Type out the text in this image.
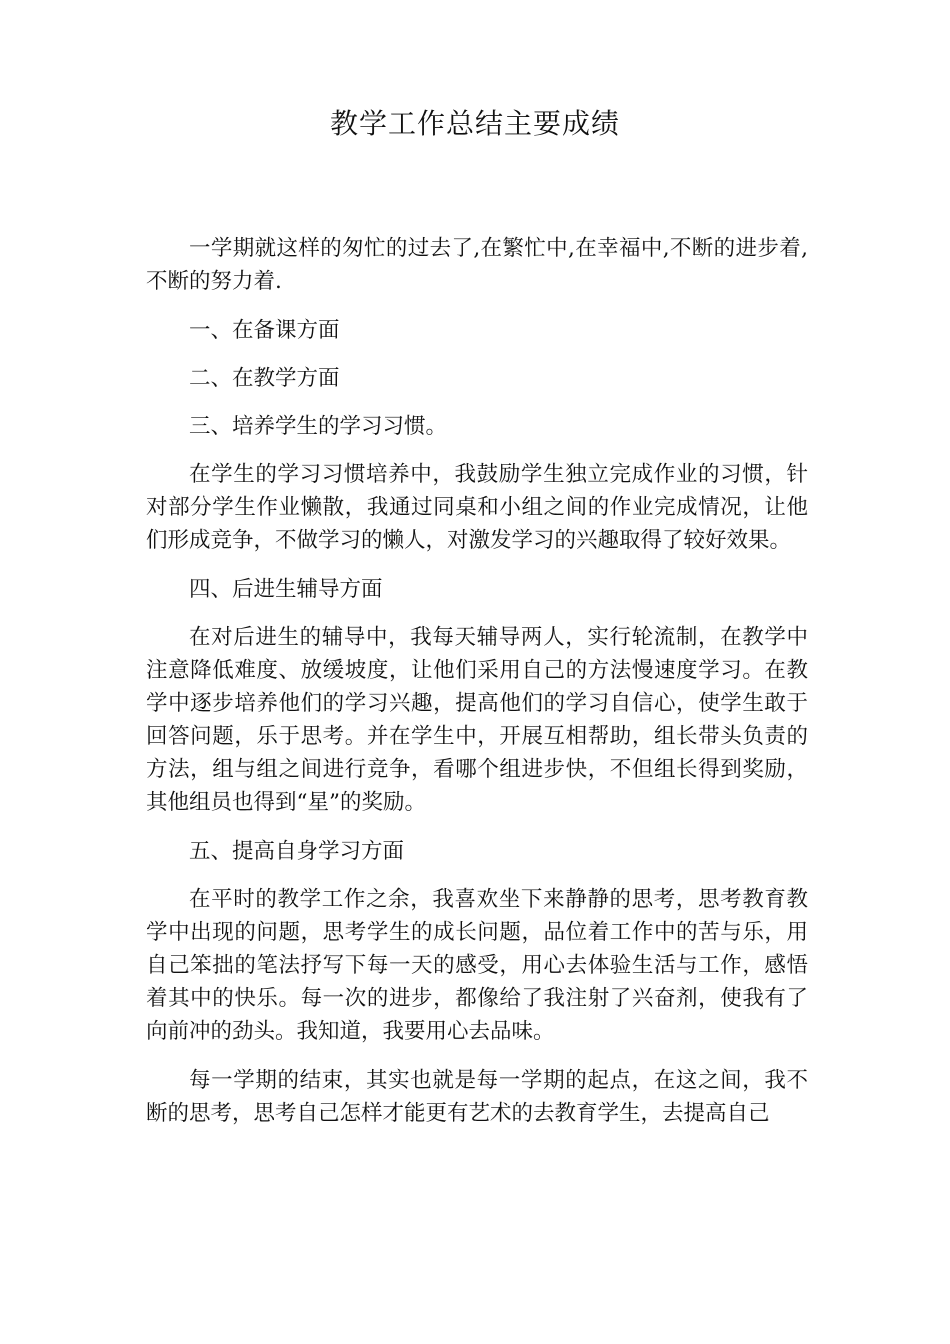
教学工作总结主要成绩

一学期就这样的匆忙的过去了,在繁忙中,在幸福中,不断的进步着,不断的努力着.

一、在备课方面

二、在教学方面

三、培养学生的学习习惯。

在学生的学习习惯培养中，我鼓励学生独立完成作业的习惯，针对部分学生作业懒散，我通过同桌和小组之间的作业完成情况，让他们形成竞争，不做学习的懒人，对激发学习的兴趣取得了较好效果。

四、后进生辅导方面

在对后进生的辅导中，我每天辅导两人，实行轮流制，在教学中注意降低难度、放缓坡度，让他们采用自己的方法慢速度学习。在教学中逐步培养他们的学习兴趣，提高他们的学习自信心，使学生敢于回答问题，乐于思考。并在学生中，开展互相帮助，组长带头负责的方法，组与组之间进行竞争，看哪个组进步快，不但组长得到奖励，其他组员也得到“星”的奖励。

五、提高自身学习方面

在平时的教学工作之余，我喜欢坐下来静静的思考，思考教育教学中出现的问题，思考学生的成长问题，品位着工作中的苦与乐，用自己笨拙的笔法抒写下每一天的感受，用心去体验生活与工作，感悟着其中的快乐。每一次的进步，都像给了我注射了兴奋剂，使我有了向前冲的劲头。我知道，我要用心去品味。

每一学期的结束，其实也就是每一学期的起点，在这之间，我不断的思考，思考自己怎样才能更有艺术的去教育学生，去提高自己
